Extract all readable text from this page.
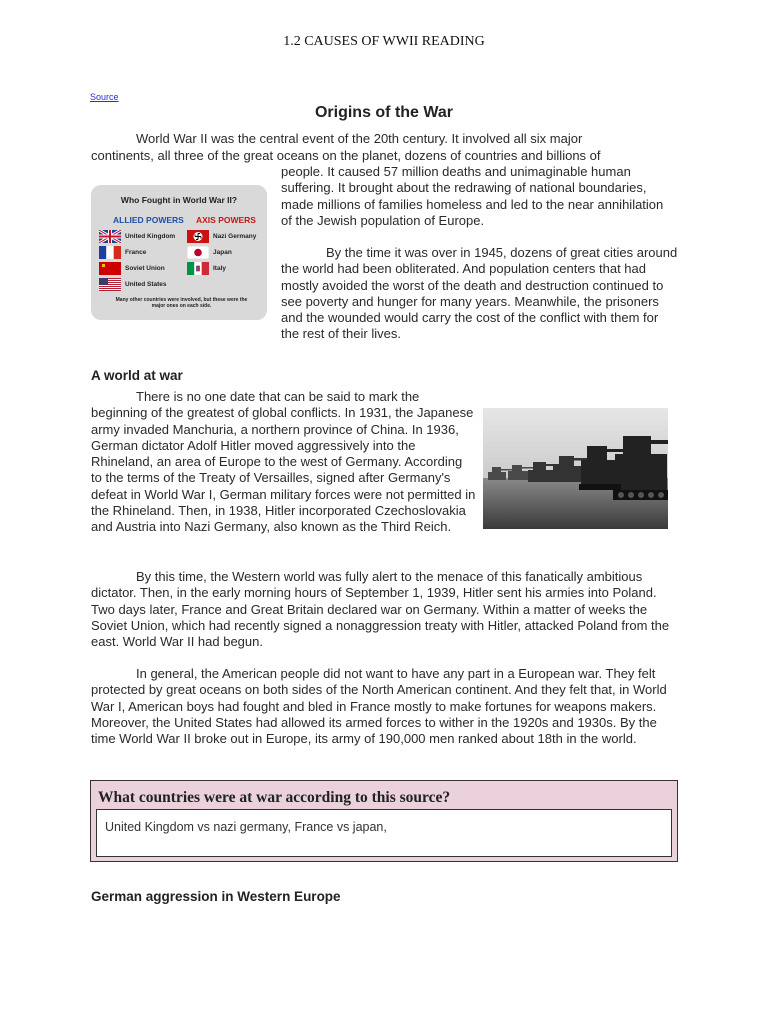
1.2 CAUSES OF WWII READING
Source
Origins of the War

World War II was the central event of the 20th century. It involved all six major

continents, all three of the great oceans on the planet, dozens of countries and billions of

people. It caused 57 million deaths and unimaginable human suffering. It brought about the redrawing of national boundaries, made millions of families homeless and led to the near annihilation of the Jewish population of Europe.

By the time it was over in 1945, dozens of great cities around the world had been obliterated. And population centers that had mostly avoided the worst of the death and destruction continued to see poverty and hunger for many years. Meanwhile, the prisoners and the wounded would carry the cost of the conflict with them for the rest of their lives.

Who Fought in World War II?
ALLIED POWERS AXIS POWERS
United Kingdom
France
Soviet Union
United States
Nazi Germany
Japan
Italy
Many other countries were involved, but these were the major ones on each side.
A world at war

There is no one date that can be said to mark the beginning of the greatest of global conflicts. In 1931, the Japanese army invaded Manchuria, a northern province of China. In 1936, German dictator Adolf Hitler moved aggressively into the Rhineland, an area of Europe to the west of Germany. According to the terms of the Treaty of Versailles, signed after Germany's defeat in World War I, German military forces were not permitted in the Rhineland. Then, in 1938, Hitler incorporated Czechoslovakia and Austria into Nazi Germany, also known as the Third Reich.

By this time, the Western world was fully alert to the menace of this fanatically ambitious dictator. Then, in the early morning hours of September 1, 1939, Hitler sent his armies into Poland. Two days later, France and Great Britain declared war on Germany. Within a matter of weeks the Soviet Union, which had recently signed a nonaggression treaty with Hitler, attacked Poland from the east. World War II had begun.

In general, the American people did not want to have any part in a European war. They felt protected by great oceans on both sides of the North American continent. And they felt that, in World War I, American boys had fought and bled in France mostly to make fortunes for weapons makers. Moreover, the United States had allowed its armed forces to wither in the 1920s and 1930s. By the time World War II broke out in Europe, its army of 190,000 men ranked about 18th in the world.

What countries were at war according to this source?
United Kingdom vs nazi germany, France vs japan,
German aggression in Western Europe
